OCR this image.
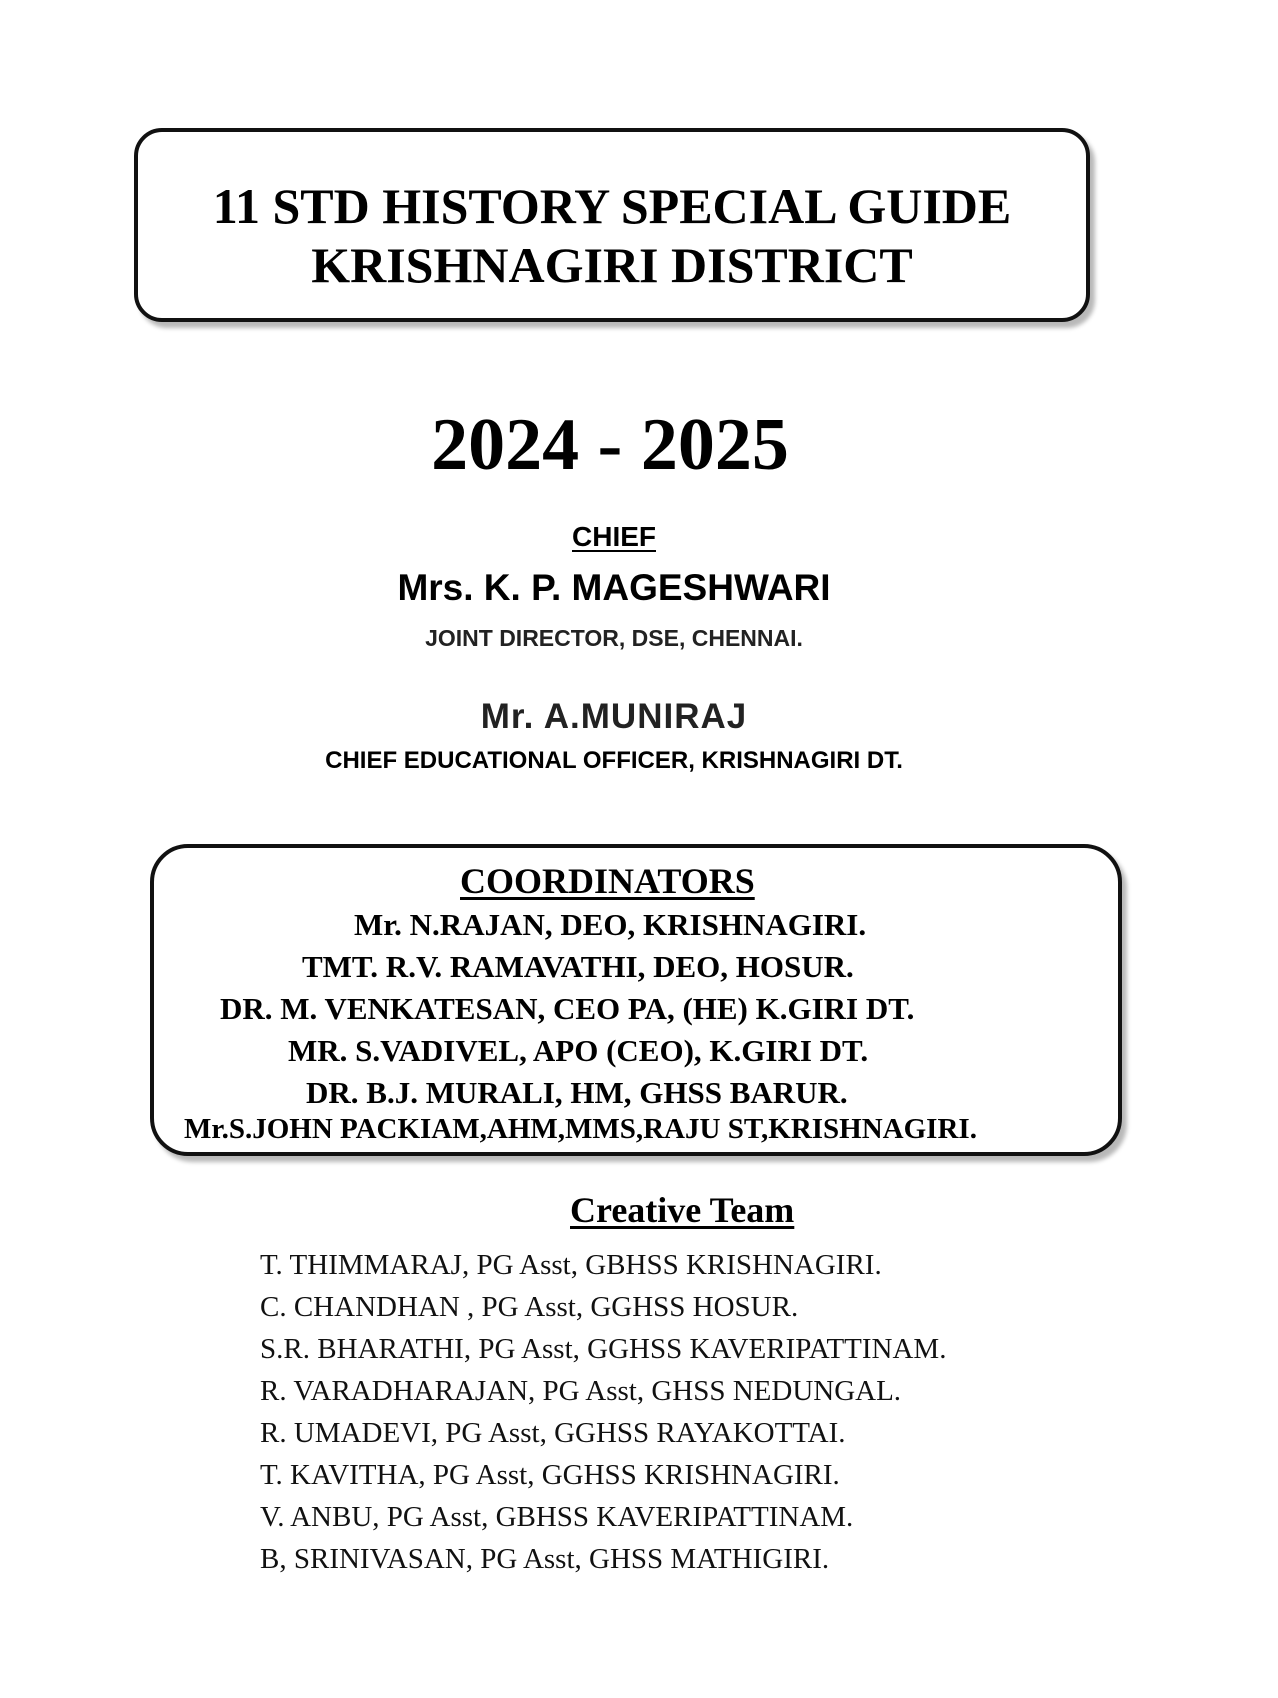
11 STD HISTORY SPECIAL GUIDE
KRISHNAGIRI DISTRICT
2024 - 2025
CHIEF
Mrs. K. P. MAGESHWARI
JOINT DIRECTOR, DSE, CHENNAI.
Mr. A.MUNIRAJ
CHIEF EDUCATIONAL OFFICER, KRISHNAGIRI DT.
COORDINATORS
Mr. N.RAJAN, DEO, KRISHNAGIRI.
TMT. R.V. RAMAVATHI, DEO, HOSUR.
DR. M. VENKATESAN, CEO PA, (HE) K.GIRI DT.
MR. S.VADIVEL, APO (CEO), K.GIRI DT.
DR. B.J. MURALI, HM, GHSS BARUR.
Mr.S.JOHN PACKIAM,AHM,MMS,RAJU ST,KRISHNAGIRI.
Creative Team
T. THIMMARAJ, PG Asst, GBHSS KRISHNAGIRI.
C. CHANDHAN , PG Asst, GGHSS HOSUR.
S.R. BHARATHI, PG Asst, GGHSS KAVERIPATTINAM.
R. VARADHARAJAN, PG Asst, GHSS NEDUNGAL.
R. UMADEVI, PG Asst, GGHSS RAYAKOTTAI.
T. KAVITHA, PG Asst, GGHSS KRISHNAGIRI.
V. ANBU, PG Asst, GBHSS KAVERIPATTINAM.
B, SRINIVASAN, PG Asst, GHSS MATHIGIRI.
